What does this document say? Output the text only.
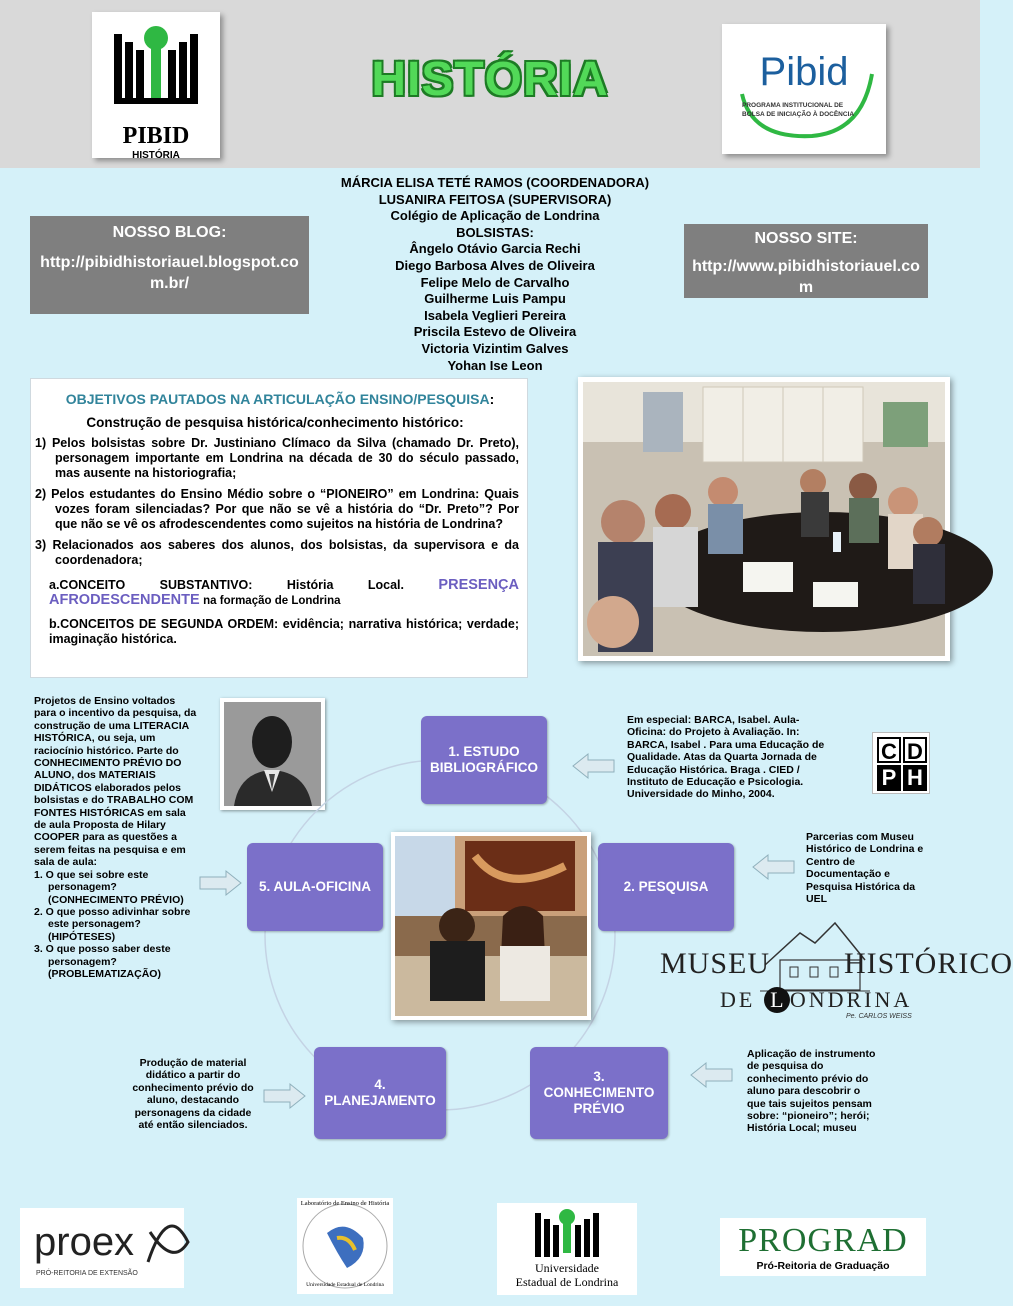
PIBID
HISTÓRIA
HISTÓRIA	Pibid
PROGRAMA INSTITUCIONAL DE
BOLSA DE INICIAÇÃO À DOCÊNCIA
NOSSO BLOG:
http://pibidhistoriauel.blogspot.com.br/
NOSSO SITE:
http://www.pibidhistoriauel.com
MÁRCIA ELISA TETÉ RAMOS (COORDENADORA)
LUSANIRA FEITOSA (SUPERVISORA)
Colégio de Aplicação de Londrina
BOLSISTAS:
Ângelo Otávio Garcia Rechi
Diego Barbosa Alves de Oliveira
Felipe Melo de Carvalho
Guilherme Luis Pampu
Isabela Veglieri Pereira
Priscila Estevo de Oliveira
Victoria Vizintim Galves
Yohan Ise Leon
OBJETIVOS PAUTADOS NA ARTICULAÇÃO ENSINO/PESQUISA:
Construção de pesquisa histórica/conhecimento histórico:
1) Pelos bolsistas sobre Dr. Justiniano Clímaco da Silva (chamado Dr. Preto), personagem importante em Londrina na década de 30 do século passado, mas ausente na historiografia;
2) Pelos estudantes do Ensino Médio sobre o “PIONEIRO” em Londrina: Quais vozes foram silenciadas? Por que não se vê a história do “Dr. Preto”? Por que não se vê os afrodescendentes como sujeitos na história de Londrina?
3) Relacionados aos saberes dos alunos, dos bolsistas, da supervisora e da coordenadora;
a.CONCEITO SUBSTANTIVO: História Local. PRESENÇA AFRODESCENDENTE na formação de Londrina
b.CONCEITOS DE SEGUNDA ORDEM: evidência; narrativa histórica; verdade; imaginação histórica.
Projetos de Ensino voltados para o incentivo da pesquisa, da construção de uma LITERACIA HISTÓRICA, ou seja, um raciocínio histórico. Parte do CONHECIMENTO PRÉVIO DO ALUNO, dos MATERIAIS DIDÁTICOS elaborados pelos bolsistas e do TRABALHO COM FONTES HISTÓRICAS em sala de aula Proposta de Hilary COOPER para as questões a serem feitas na pesquisa e em sala de aula:
1. O que sei sobre este personagem? (CONHECIMENTO PRÉVIO)
2. O que posso adivinhar sobre este personagem? (HIPÓTESES)
3. O que posso saber deste personagem? (PROBLEMATIZAÇÃO)
1. ESTUDO BIBLIOGRÁFICO
2. PESQUISA
3. CONHECIMENTO PRÉVIO
4. PLANEJAMENTO
5. AULA-OFICINA
Em especial: BARCA, Isabel. Aula-Oficina: do Projeto à Avaliação. In: BARCA, Isabel . Para uma Educação de Qualidade. Atas da Quarta Jornada de Educação Histórica. Braga . CIED / Instituto de Educação e Psicologia. Universidade do Minho, 2004.
Parcerias com Museu Histórico de Londrina e Centro de Documentação e Pesquisa Histórica da UEL
Aplicação de instrumento de pesquisa do conhecimento prévio do aluno para descobrir o que tais sujeitos pensam sobre: “pioneiro”; herói; História Local; museu
Produção de material didático a partir do conhecimento prévio do aluno, destacando personagens da cidade até então silenciados.
C D
P H
MUSEU HISTÓRICO
DE L ONDRINA
Pe. CARLOS WEISS
proex
PRÓ-REITORIA DE EXTENSÃO
Laboratório de Ensino de História
Universidade Estadual de Londrina
Universidade
Estadual de Londrina
PROGRAD
Pró-Reitoria de Graduação
